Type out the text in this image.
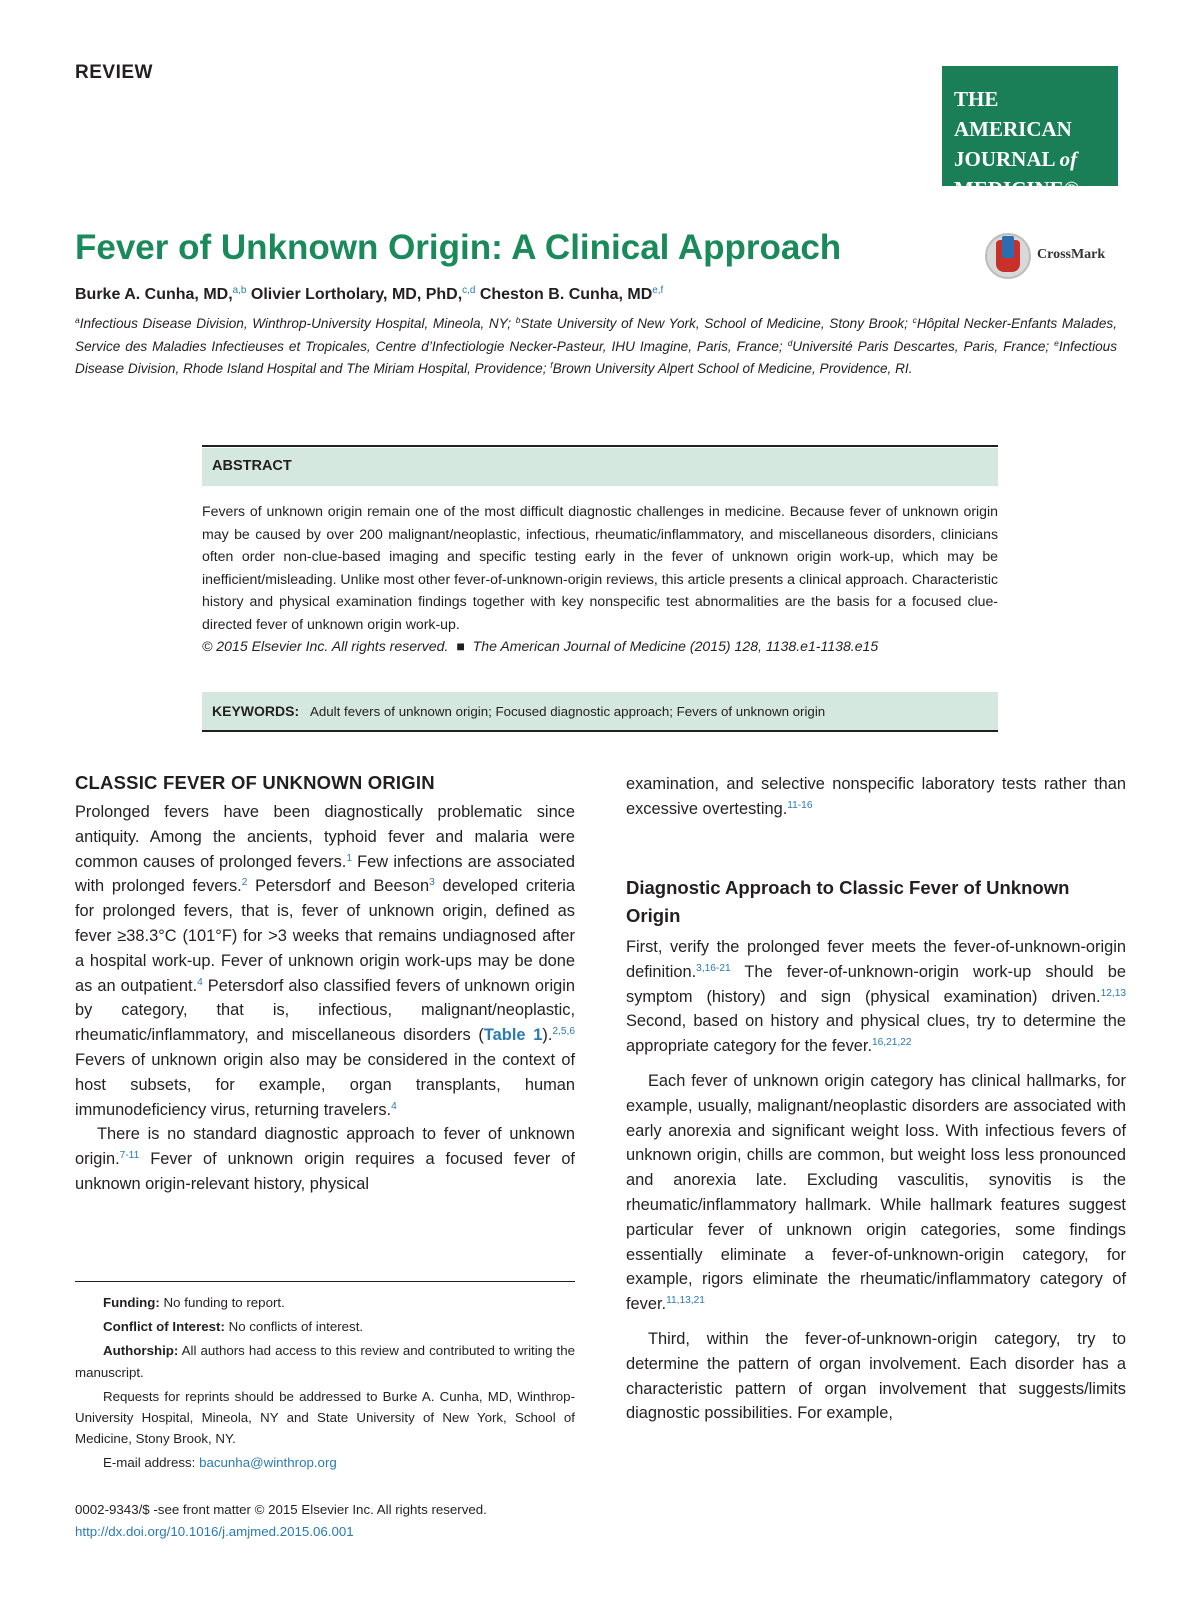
REVIEW
THE AMERICAN
JOURNAL of
MEDICINE®
Fever of Unknown Origin: A Clinical Approach	CrossMark
Burke A. Cunha, MD,$^{a,b}$ Olivier Lortholary, MD, PhD,$^{c,d}$ Cheston B. Cunha, MD$^{e,f}$
$^a$Infectious Disease Division, Winthrop-University Hospital, Mineola, NY; $^b$State University of New York, School of Medicine, Stony Brook; $^c$Hôpital Necker-Enfants Malades, Service des Maladies Infectieuses et Tropicales, Centre d’Infectiologie Necker-Pasteur, IHU Imagine, Paris, France; $^d$Université Paris Descartes, Paris, France; $^e$Infectious Disease Division, Rhode Island Hospital and The Miriam Hospital, Providence; $^f$Brown University Alpert School of Medicine, Providence, RI.
ABSTRACT

Fevers of unknown origin remain one of the most difficult diagnostic challenges in medicine. Because fever of unknown origin may be caused by over 200 malignant/neoplastic, infectious, rheumatic/inflammatory, and miscellaneous disorders, clinicians often order non-clue-based imaging and specific testing early in the fever of unknown origin work-up, which may be inefficient/misleading. Unlike most other fever-of-unknown-origin reviews, this article presents a clinical approach. Characteristic history and physical examination findings together with key nonspecific test abnormalities are the basis for a focused clue-directed fever of unknown origin work-up.

© 2015 Elsevier Inc. All rights reserved. ■ The American Journal of Medicine (2015) 128, 1138.e1-1138.e15

KEYWORDS: Adult fevers of unknown origin; Focused diagnostic approach; Fevers of unknown origin
CLASSIC FEVER OF UNKNOWN ORIGIN

Prolonged fevers have been diagnostically problematic since antiquity. Among the ancients, typhoid fever and malaria were common causes of prolonged fevers.$^1$ Few infections are associated with prolonged fevers.$^2$ Petersdorf and Beeson$^3$ developed criteria for prolonged fevers, that is, fever of unknown origin, defined as fever ≥38.3°C (101°F) for >3 weeks that remains undiagnosed after a hospital work-up. Fever of unknown origin work-ups may be done as an outpatient.$^4$ Petersdorf also classified fevers of unknown origin by category, that is, infectious, malignant/neoplastic, rheumatic/inflammatory, and miscellaneous disorders (Table 1).$^{2,5,6}$ Fevers of unknown origin also may be considered in the context of host subsets, for example, organ transplants, human immunodeficiency virus, returning travelers.$^4$

There is no standard diagnostic approach to fever of unknown origin.$^{7-11}$ Fever of unknown origin requires a focused fever of unknown origin-relevant history, physical

examination, and selective nonspecific laboratory tests rather than excessive overtesting.$^{11-16}$

Diagnostic Approach to Classic Fever of Unknown Origin

First, verify the prolonged fever meets the fever-of-unknown-origin definition.$^{3,16-21}$ The fever-of-unknown-origin work-up should be symptom (history) and sign (physical examination) driven.$^{12,13}$ Second, based on history and physical clues, try to determine the appropriate category for the fever.$^{16,21,22}$

Each fever of unknown origin category has clinical hallmarks, for example, usually, malignant/neoplastic disorders are associated with early anorexia and significant weight loss. With infectious fevers of unknown origin, chills are common, but weight loss less pronounced and anorexia late. Excluding vasculitis, synovitis is the rheumatic/inflammatory hallmark. While hallmark features suggest particular fever of unknown origin categories, some findings essentially eliminate a fever-of-unknown-origin category, for example, rigors eliminate the rheumatic/inflammatory category of fever.$^{11,13,21}$

Third, within the fever-of-unknown-origin category, try to determine the pattern of organ involvement. Each disorder has a characteristic pattern of organ involvement that suggests/limits diagnostic possibilities. For example,

Funding: No funding to report.

Conflict of Interest: No conflicts of interest.

Authorship: All authors had access to this review and contributed to writing the manuscript.

Requests for reprints should be addressed to Burke A. Cunha, MD, Winthrop-University Hospital, Mineola, NY and State University of New York, School of Medicine, Stony Brook, NY.

E-mail address: bacunha@winthrop.org

0002-9343/$ -see front matter © 2015 Elsevier Inc. All rights reserved.
http://dx.doi.org/10.1016/j.amjmed.2015.06.001
